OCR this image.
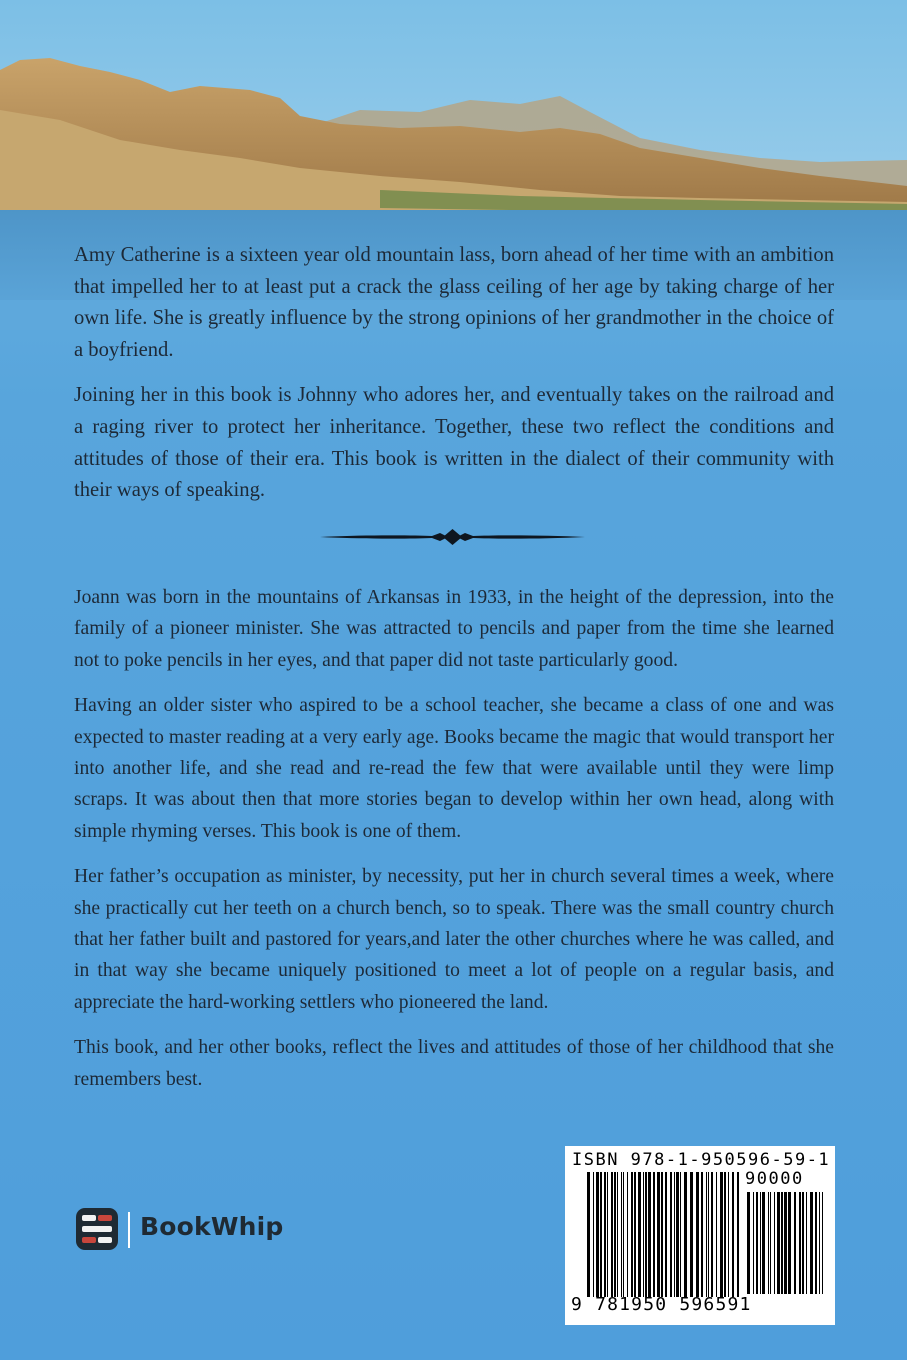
Amy Catherine is a sixteen year old mountain lass, born ahead of her time with an ambition that impelled her to at least put a crack the glass ceiling of her age by taking charge of her own life. She is greatly influence by the strong opinions of her grandmother in the choice of a boyfriend.

Joining her in this book is Johnny who adores her, and eventually takes on the railroad and a raging river to protect her inheritance. Together, these two reflect the conditions and attitudes of those of their era. This book is written in the dialect of their community with their ways of speaking.

Joann was born in the mountains of Arkansas in 1933, in the height of the depression, into the family of a pioneer minister. She was attracted to pencils and paper from the time she learned not to poke pencils in her eyes, and that paper did not taste particularly good.

Having an older sister who aspired to be a school teacher, she became a class of one and was expected to master reading at a very early age. Books became the magic that would transport her into another life, and she read and re-read the few that were available until they were limp scraps. It was about then that more stories began to develop within her own head, along with simple rhyming verses. This book is one of them.

Her father’s occupation as minister, by necessity, put her in church several times a week, where she practically cut her teeth on a church bench, so to speak. There was the small country church that her father built and pastored for years,and later the other churches where he was called, and in that way she became uniquely positioned to meet a lot of people on a regular basis, and appreciate the hard-working settlers who pioneered the land.

This book, and her other books, reflect the lives and attitudes of those of her childhood that she remembers best.

BookWhip
ISBN 978-1-950596-59-1
90000
9 781950 596591
